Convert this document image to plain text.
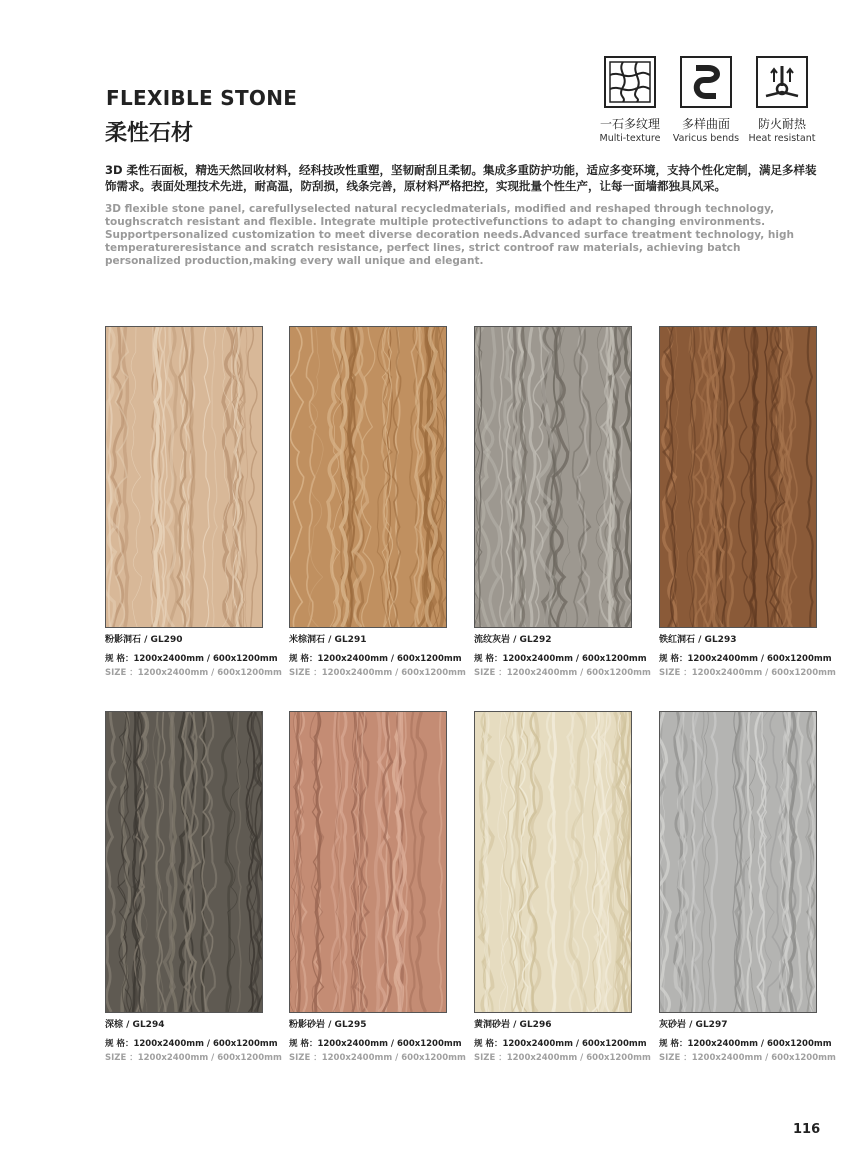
FLEXIBLE STONE
柔性石材	一石多纹理
Multi-texture
多样曲面
Varicus bends
防火耐热
Heat resistant
3D 柔性石面板，精选天然回收材料，经科技改性重塑，坚韧耐刮且柔韧。集成多重防护功能，适应多变环境，支持个性化定制，满足多样装饰需求。表面处理技术先进，耐高温，防刮损，线条完善，原材料严格把控，实现批量个性生产，让每一面墙都独具风采。
3D flexible stone panel, carefullyselected natural recycledmaterials, modified and reshaped through technology, toughscratch resistant and flexible. Integrate multiple protectivefunctions to adapt to changing environments. Supportpersonalized customization to meet diverse decoration needs.Advanced surface treatment technology, high temperatureresistance and scratch resistance, perfect lines, strict controof raw materials, achieving batch personalized production,making every wall unique and elegant.
粉影洞石 / GL290
规 格：1200x2400mm / 600x1200mm
SIZE ：1200x2400mm / 600x1200mm
米棕洞石 / GL291
规 格：1200x2400mm / 600x1200mm
SIZE ：1200x2400mm / 600x1200mm
流纹灰岩 / GL292
规 格：1200x2400mm / 600x1200mm
SIZE ：1200x2400mm / 600x1200mm
铁红洞石 / GL293
规 格：1200x2400mm / 600x1200mm
SIZE ：1200x2400mm / 600x1200mm
深棕 / GL294
规 格：1200x2400mm / 600x1200mm
SIZE ：1200x2400mm / 600x1200mm
粉影砂岩 / GL295
规 格：1200x2400mm / 600x1200mm
SIZE ：1200x2400mm / 600x1200mm
黄洞砂岩 / GL296
规 格：1200x2400mm / 600x1200mm
SIZE ：1200x2400mm / 600x1200mm
灰砂岩 / GL297
规 格：1200x2400mm / 600x1200mm
SIZE ：1200x2400mm / 600x1200mm
116
